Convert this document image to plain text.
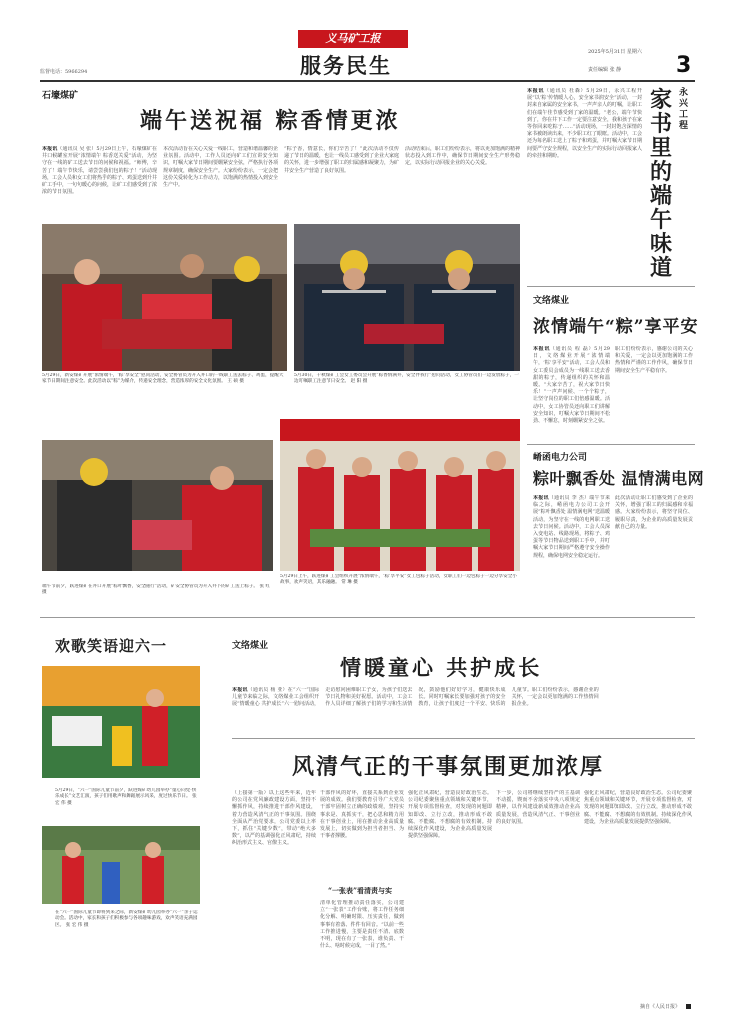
义马矿工报
监督电话：5966294	服务民生
2025年5月31日 星期六
责任编辑 张 静 3
石壕煤矿
端午送祝福 粽香情更浓
本报讯（通讯员 吴 张）5月29日上午，石壕煤矿在井口候罐室开展“浓情端午 粽香送关爱”活动，为坚守在一线的矿工送去节日的问候和祝福。“师傅，辛苦了！端午节快乐，请尝尝我们包的粽子！”活动现场，工会人员和女工们将热乎的粽子、鸡蛋送到升井矿工手中，一句句暖心的问候，让矿工们感受到了浓浓的节日氛围。
本次活动旨在关心关爱一线职工，营造和谐温馨的企业氛围。活动中，工作人员还向矿工们宣讲安全知识，叮嘱大家节日期间要绷紧安全弦，严格执行各项规章制度，确保安全生产。大家纷纷表示，一定会把这份关爱转化为工作动力，以饱满的热情投入到安全生产中。
“粽子香，情意长，你们辛苦了！”此次活动不仅传递了节日的温暖，也让一线员工感受到了企业大家庭的关怀，进一步增强了职工的归属感和凝聚力，为矿井安全生产营造了良好氛围。
活动结束后，职工们纷纷表示，将以更加饱满的精神状态投入到工作中，确保节日期间安全生产形势稳定，以实际行动回报企业的关心关爱。
5月29日，新安煤矿开展“浓情端午，‘粽’享安全”慰问活动，安全协管员为升入井口的一线职工送去粽子、鸡蛋，提醒大家节日期间注意安全。此次活动以“粽”为媒介，传递安全理念，营造浓厚的安全文化氛围。 王 硕 摄
5月30日，千秋煤矿工会女工委员会开展“粽香情满井，安全伴我行”慰问活动，女工协管员们一边发放粽子，一边叮嘱职工注意节日安全。 赵 阳 摄
端午节前夕，跃进煤矿在井口开展“粽叶飘香，安全随行”活动，矿安全协管员为升入井下的矿工送上粽子。 张 红 摄
5月29日上午，跃进煤矿工会组织开展“浓情端午，‘粽’享平安”女工包粽子活动，女职工们一边包粽子一边分享安全小故事，欢声笑语，其乐融融。 常 琳 摄
永兴工程
家书里的端午味道
本报讯（通讯员 杜森）5月29日，永兴工程开展“以‘粽’传情暖人心，安全家书润安全”活动，一封封来自家属的安全家书，一声声亲人的叮嘱，让职工们在端午佳节感受到了家的温暖。“老公，端午节快到了，你在井下工作一定要注意安全，我和孩子在家等你回来吃粽子……”活动现场，一封封饱含深情的家书被朗读出来，不少职工红了眼眶。活动中，工会还为每名职工送上了粽子和鸡蛋，并叮嘱大家节日期间要严守安全规程，以安全生产的实际行动回报家人的牵挂和期盼。
文络煤业
浓情端午“粽”享平安
本报讯（通讯员 程 磊）5月29日，文络煤业开展“浓情端午，‘粽’享平安”活动，工会人员和女工委员会成员为一线职工送去香甜的粽子，传递组织的关怀和温暖。“大家辛苦了，祝大家节日快乐！”一声声问候、一个个粽子，让坚守岗位的职工们倍感温暖。活动中，女工协管员还向职工们讲解安全知识，叮嘱大家节日期间不松劲、不懈怠，时刻绷紧安全之弦。
职工们纷纷表示，感谢公司的关心和关爱，一定会以更加饱满的工作热情和严谨的工作作风，确保节日期间安全生产平稳有序。
崤函电力公司
粽叶飘香处 温情满电网
本报讯（通讯员 李 杰）端午节来临之际，崤函电力公司工会开展“粽叶飘香处 温情满电网”送温暖活动，为坚守在一线的电网职工送去节日问候。活动中，工会人员深入变电站、线路现场，将粽子、鸡蛋等节日物品送到职工手中，并叮嘱大家节日期间严格遵守安全操作规程，确保电网安全稳定运行。
此次活动让职工们感受到了企业的关怀，增强了职工的归属感和幸福感。大家纷纷表示，将坚守岗位、履职尽责，为企业的高质量发展贡献自己的力量。
欢歌笑语迎六一
5月29日，“六一”国际儿童节前夕，跃进煤矿幼儿园举办“童心向党·快乐成长”文艺汇演，孩子们用歌声和舞蹈展示风采，度过快乐节日。 张 宏 伟 摄
在“六一”国际儿童节即将到来之际，新安煤矿幼儿园举办“六一”亲子运动会。活动中，家长和孩子们积极参与各项趣味游戏，欢声笑语充满园区。 张 宏 伟 摄
文络煤业
情暖童心 共护成长
本报讯（通讯员 杨 亚）在“六一”国际儿童节来临之际，文络煤业工会组织开展“情暖童心 共护成长”六一慰问活动，走访慰问困难职工子女，为孩子们送去节日礼物和美好祝愿。活动中，工会工作人员详细了解孩子们的学习和生活情况，鼓励他们好好学习，健康快乐成长。同时叮嘱家长要加强对孩子的安全教育，让孩子们度过一个平安、快乐的儿童节。职工们纷纷表示，感谢企业的关怀，一定会以更加饱满的工作热情回报企业。
风清气正的干事氛围更加浓厚
（上接第一版）以上这些年来，近年的公司在党风廉政建设方面，坚持不懈抓作风，持续推进干部作风建设，着力营造风清气正的干事氛围。围绕全面从严治党要求，公司党委以上率下，抓住“关键少数”，带动“绝大多数”，以严的基调强化正风肃纪，持续纠治形式主义、官僚主义。
干部作风的好坏，直接关系到企业发展的成效。我们要教育引导广大党员干部牢固树立正确的政绩观，坚持实事求是、真抓实干，把心思和精力用在干事创业上，用在推动企业高质量发展上，切实做到为担当者担当、为干事者撑腰。
“一张表”看清责与实
清单化管理推动责任落实，公司建立“一张表”工作台账，将工作任务细化分解、明确时限、压实责任，做到事事有着落、件件有回音。“以前一些工作推进慢，主要是责任不清、底数不明，现在有了一张表，谁负责、干什么、啥时候完成，一目了然。”
强化正风肃纪，营造良好政治生态。公司纪委聚焦重点领域和关键环节，开展专项监督检查，对发现的问题即知即改、立行立改，推动形成不敢腐、不能腐、不想腐的有效机制。持续深化作风建设，为企业高质量发展提供坚强保障。
下一步，公司将继续坚持严的主基调不动摇，锲而不舍落实中央八项规定精神，以作风建设新成效推动企业高质量发展，营造风清气正、干事创业的良好氛围。
强化正风肃纪，营造良好政治生态。公司纪委聚焦重点领域和关键环节，开展专项监督检查，对发现的问题即知即改、立行立改，推动形成不敢腐、不能腐、不想腐的有效机制。持续深化作风建设，为企业高质量发展提供坚强保障。
摘自《人民日报》
